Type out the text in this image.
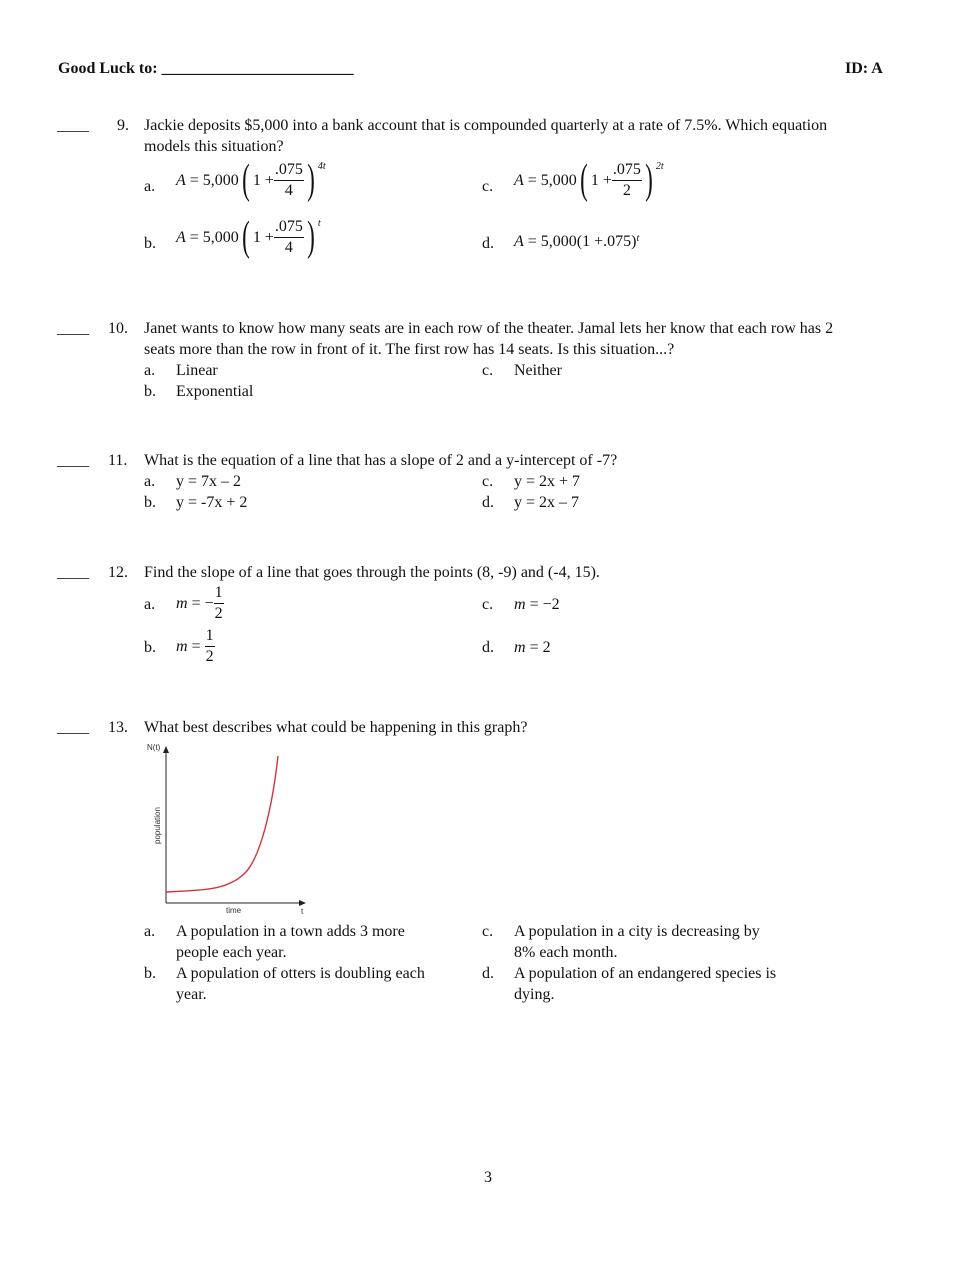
Good Luck to: ________________________	ID: A
____ 9. Jackie deposits $5,000 into a bank account that is compounded quarterly at a rate of 7.5%. Which equation
models this situation?
a. A
= 5,000 ( $1 + \frac{.075}{4}$ ) 4t
c. A
= 5,000 ( $1 + \frac{.075}{2}$ ) 2t
b. A
= 5,000 ( $1 + \frac{.075}{4}$ ) t
d. A
= 5,000(1 +.075) t
____ 10. Janet wants to know how many seats are in each row of the theater. Jamal lets her know that each row has 2
seats more than the row in front of it. The first row has 14 seats. Is this situation...?
a. Linear	c. Neither
b. Exponential
____ 11. What is the equation of a line that has a slope of 2 and a y-intercept of -7?
a. y = 7x – 2	c. y = 2x + 7
b. y = -7x + 2	d. y = 2x – 7
____ 12. Find the slope of a line that goes through the points (8, -9) and (-4, 15).
a. m
= − $\frac{1}{2}$	c. m
= −2
b. m
=
$\frac{1}{2}$	d. m
= 2
____ 13. What best describes what could be happening in this graph?
N(t)
population
time	t
a. A population in a town adds 3 more
people each year.
c. A population in a city is decreasing by
8% each month.
b. A population of otters is doubling each
year.
d. A population of an endangered species is
dying.
3
